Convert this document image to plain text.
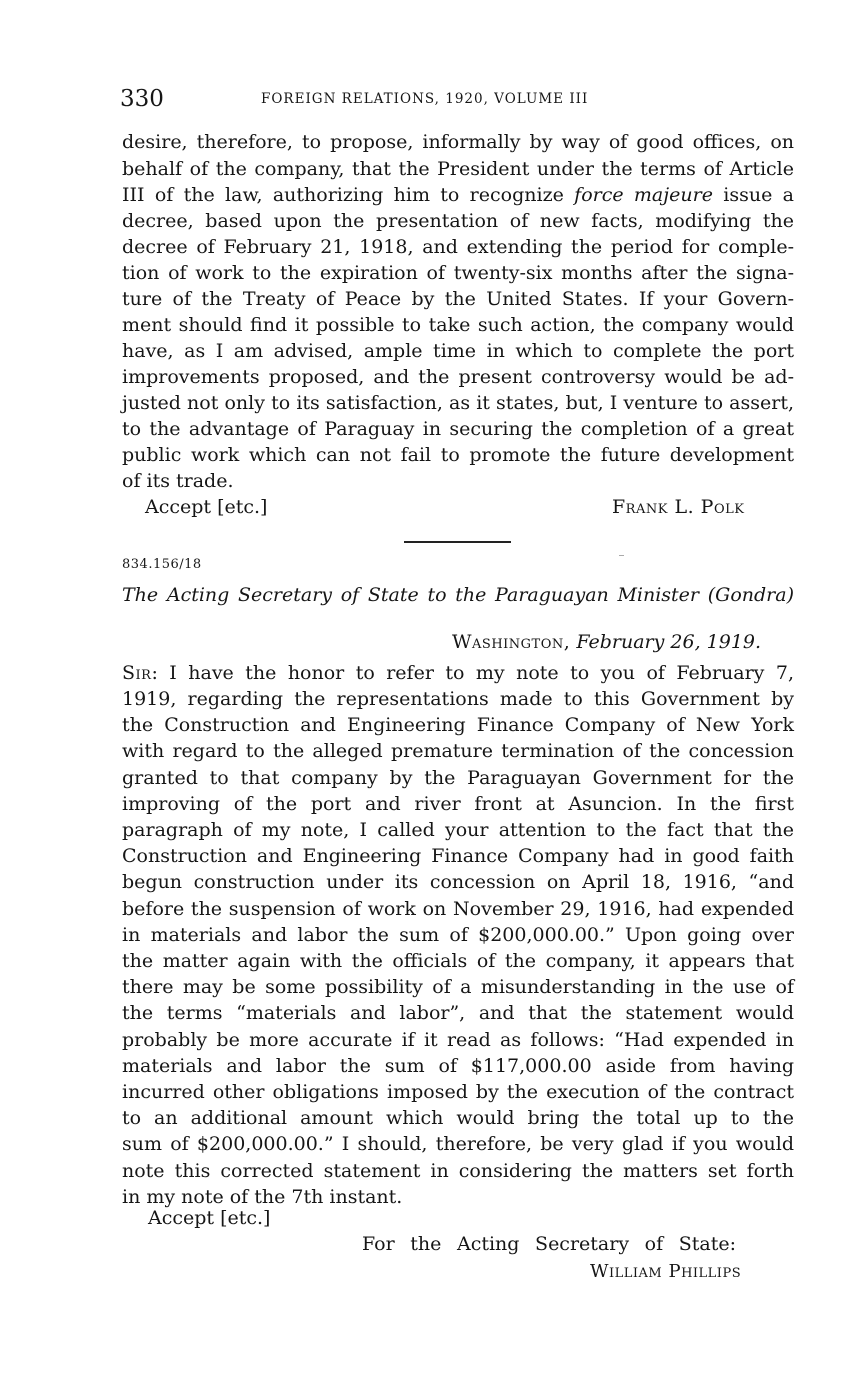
330	FOREIGN RELATIONS, 1920, VOLUME III
desire, therefore, to propose, informally by way of good offices, on
behalf of the company, that the President under the terms of Article
III of the law, authorizing him to recognize force majeure issue a
decree, based upon the presentation of new facts, modifying the
decree of February 21, 1918, and extending the period for comple-
tion of work to the expiration of twenty-six months after the signa-
ture of the Treaty of Peace by the United States. If your Govern-
ment should find it possible to take such action, the company would
have, as I am advised, ample time in which to complete the port
improvements proposed, and the present controversy would be ad-
justed not only to its satisfaction, as it states, but, I venture to assert,
to the advantage of Paraguay in securing the completion of a great
public work which can not fail to promote the future development
of its trade.
Accept [etc.]	Frank L. Polk
834.156/18
The Acting Secretary of State to the Paraguayan Minister (Gondra)
Washington, February 26, 1919.
Sir: I have the honor to refer to my note to you of February 7,
1919, regarding the representations made to this Government by
the Construction and Engineering Finance Company of New York
with regard to the alleged premature termination of the concession
granted to that company by the Paraguayan Government for the
improving of the port and river front at Asuncion. In the first
paragraph of my note, I called your attention to the fact that the
Construction and Engineering Finance Company had in good faith
begun construction under its concession on April 18, 1916, “and
before the suspension of work on November 29, 1916, had expended
in materials and labor the sum of $200,000.00.” Upon going over
the matter again with the officials of the company, it appears that
there may be some possibility of a misunderstanding in the use of
the terms “materials and labor”, and that the statement would
probably be more accurate if it read as follows: “Had expended in
materials and labor the sum of $117,000.00 aside from having
incurred other obligations imposed by the execution of the contract
to an additional amount which would bring the total up to the
sum of $200,000.00.” I should, therefore, be very glad if you would
note this corrected statement in considering the matters set forth
in my note of the 7th instant.
Accept [etc.]
For the Acting Secretary of State:
William Phillips
